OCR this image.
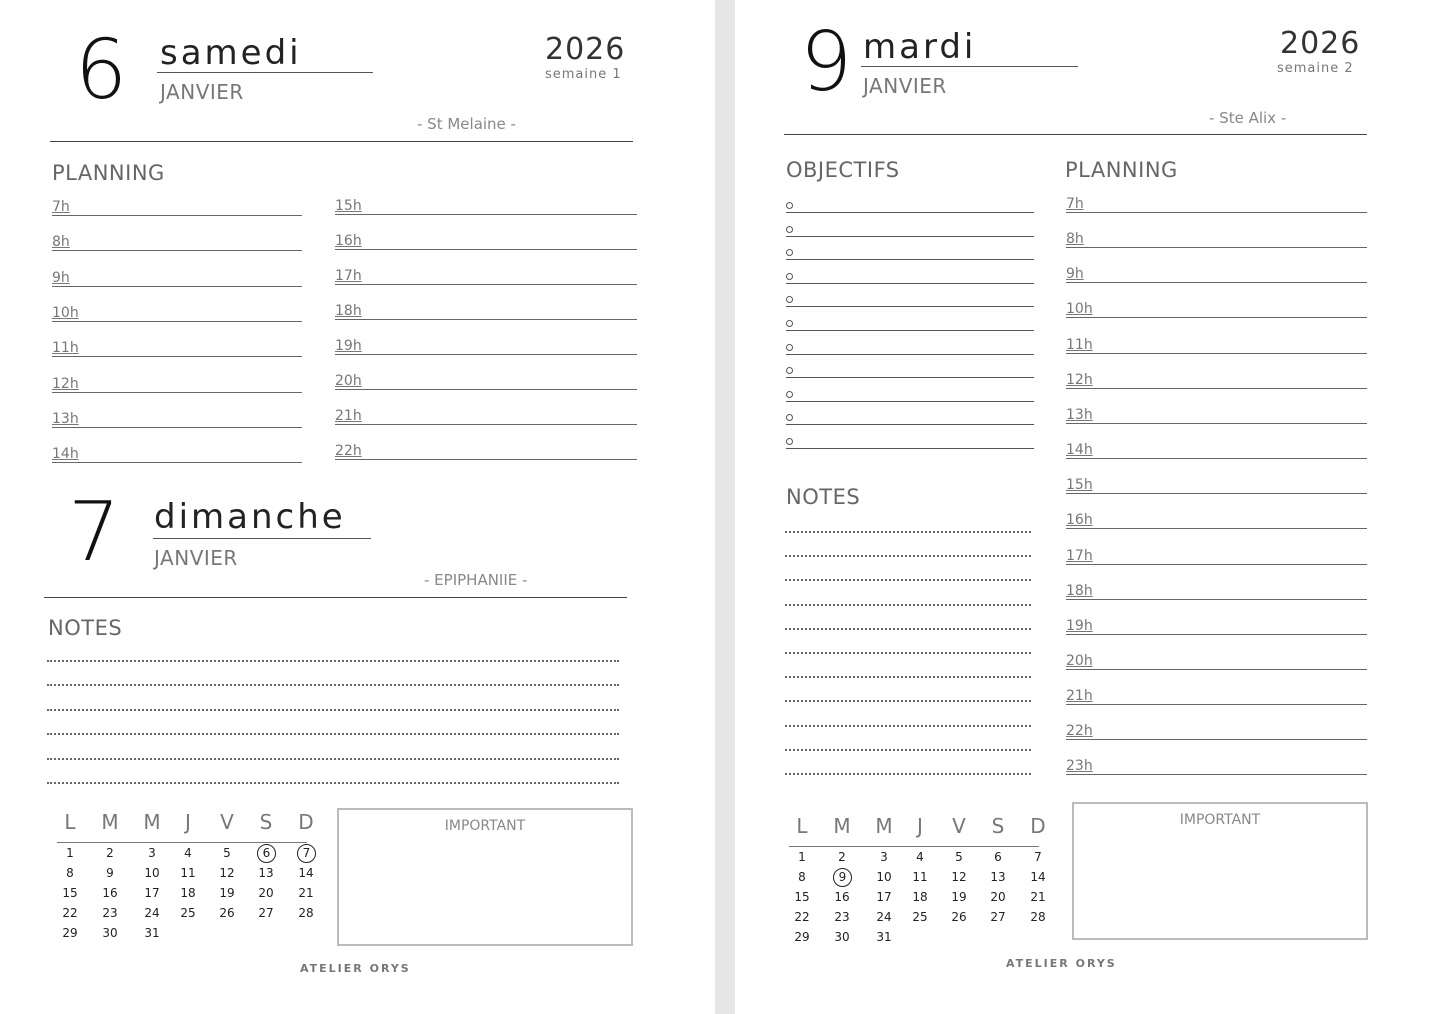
6 samedi
JANVIER
2026
semaine 1
- St Melaine -
PLANNING
7h
8h
9h
10h
11h
12h
13h
14h
15h
16h
17h
18h
19h
20h
21h
22h
7 dimanche
JANVIER
- EPIPHANIIE -
NOTES
L	M	M	J	V	S	D
1	2	3	4	5	6	7
8	9	10	11	12	13	14
15	16	17	18	19	20	21
22	23	24	25	26	27	28
29	30	31
IMPORTANT
ATELIER ORYS
9 mardi
JANVIER
2026
semaine 2
- Ste Alix -
OBJECTIFS
NOTES
PLANNING
7h
8h
9h
10h
11h
12h
13h
14h
15h
16h
17h
18h
19h
20h
21h
22h
23h
L	M	M	J	V	S	D
1	2	3	4	5	6	7
8	9	10	11	12	13	14
15	16	17	18	19	20	21
22	23	24	25	26	27	28
29	30	31
IMPORTANT
ATELIER ORYS
